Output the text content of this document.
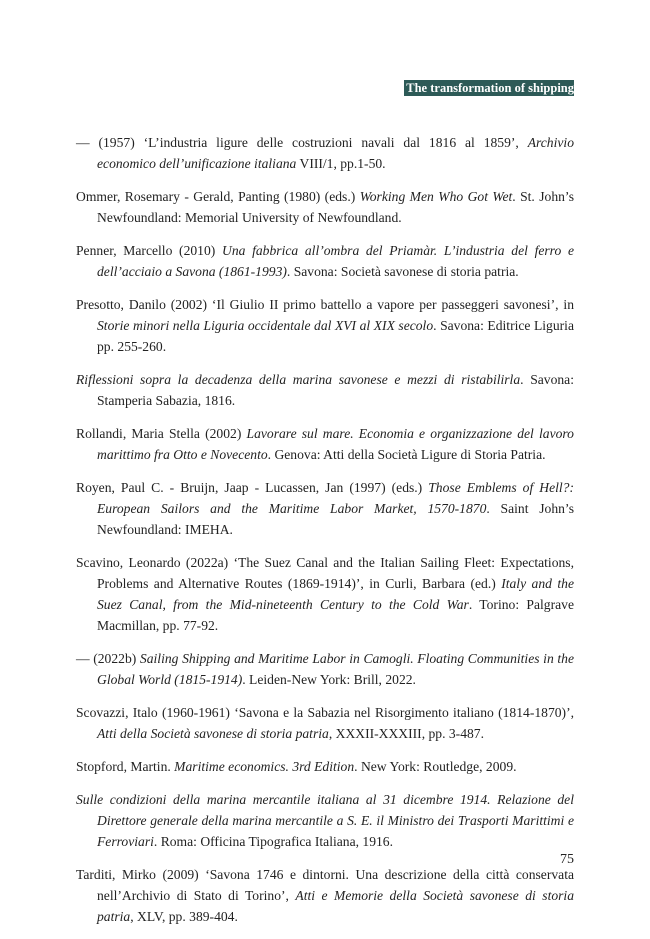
The transformation of shipping

— (1957) ‘L’industria ligure delle costruzioni navali dal 1816 al 1859’, Archivio economico dell’unificazione italiana VIII/1, pp.1-50.

Ommer, Rosemary - Gerald, Panting (1980) (eds.) Working Men Who Got Wet. St. John’s Newfoundland: Memorial University of Newfoundland.

Penner, Marcello (2010) Una fabbrica all’ombra del Priamàr. L’industria del ferro e dell’acciaio a Savona (1861-1993). Savona: Società savonese di storia patria.

Presotto, Danilo (2002) ‘Il Giulio II primo battello a vapore per passeggeri savonesi’, in Storie minori nella Liguria occidentale dal XVI al XIX secolo. Savona: Editrice Liguria pp. 255-260.

Riflessioni sopra la decadenza della marina savonese e mezzi di ristabilirla. Savona: Stamperia Sabazia, 1816.

Rollandi, Maria Stella (2002) Lavorare sul mare. Economia e organizzazione del lavoro marittimo fra Otto e Novecento. Genova: Atti della Società Ligure di Storia Patria.

Royen, Paul C. - Bruijn, Jaap - Lucassen, Jan (1997) (eds.) Those Emblems of Hell?: European Sailors and the Maritime Labor Market, 1570-1870. Saint John’s Newfoundland: IMEHA.

Scavino, Leonardo (2022a) ‘The Suez Canal and the Italian Sailing Fleet: Expectations, Problems and Alternative Routes (1869-1914)’, in Curli, Barbara (ed.) Italy and the Suez Canal, from the Mid-nineteenth Century to the Cold War. Torino: Palgrave Macmillan, pp. 77-92.

— (2022b) Sailing Shipping and Maritime Labor in Camogli. Floating Communities in the Global World (1815-1914). Leiden-New York: Brill, 2022.

Scovazzi, Italo (1960-1961) ‘Savona e la Sabazia nel Risorgimento italiano (1814-1870)’, Atti della Società savonese di storia patria, XXXII-XXXIII, pp. 3-487.

Stopford, Martin. Maritime economics. 3rd Edition. New York: Routledge, 2009.

Sulle condizioni della marina mercantile italiana al 31 dicembre 1914. Relazione del Direttore generale della marina mercantile a S. E. il Ministro dei Trasporti Marittimi e Ferroviari. Roma: Officina Tipografica Italiana, 1916.

Tarditi, Mirko (2009) ‘Savona 1746 e dintorni. Una descrizione della città conservata nell’Archivio di Stato di Torino’, Atti e Memorie della Società savonese di storia patria, XLV, pp. 389-404.

75
